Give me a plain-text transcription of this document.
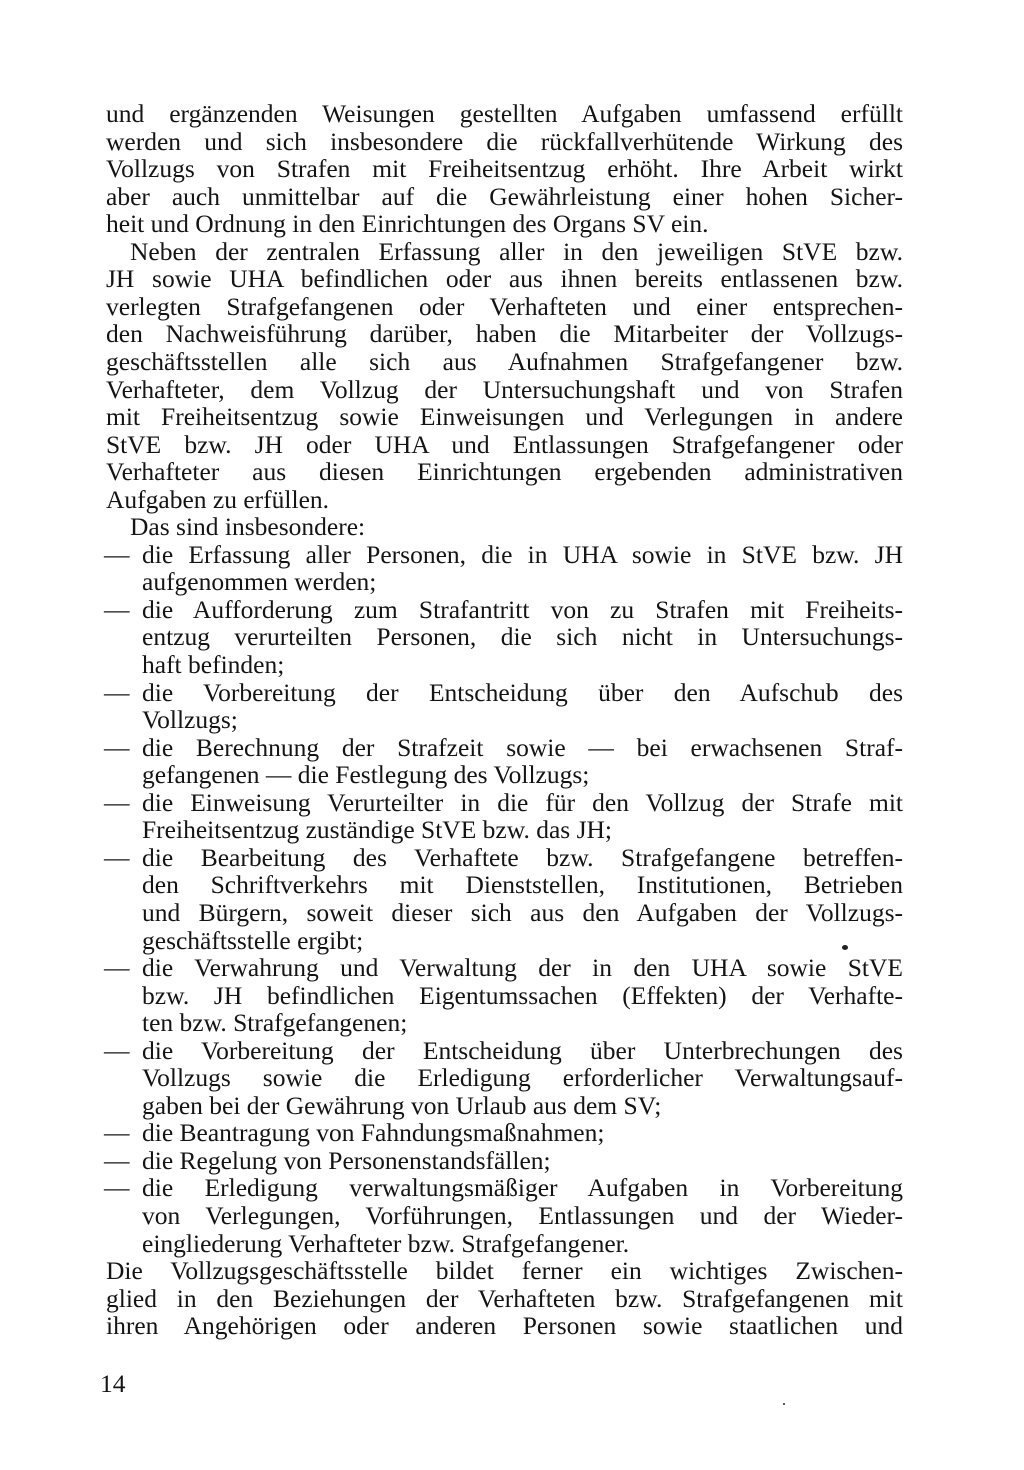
14
und ergänzenden Weisungen gestellten Aufgaben umfassend erfüllt
werden und sich insbesondere die rückfallverhütende Wirkung des
Vollzugs von Strafen mit Freiheitsentzug erhöht. Ihre Arbeit wirkt
aber auch unmittelbar auf die Gewährleistung einer hohen Sicher-
heit und Ordnung in den Einrichtungen des Organs SV ein.
Neben der zentralen Erfassung aller in den jeweiligen StVE bzw.
JH sowie UHA befindlichen oder aus ihnen bereits entlassenen bzw.
verlegten Strafgefangenen oder Verhafteten und einer entsprechen-
den Nachweisführung darüber, haben die Mitarbeiter der Vollzugs-
geschäftsstellen alle sich aus Aufnahmen Strafgefangener bzw.
Verhafteter, dem Vollzug der Untersuchungshaft und von Strafen
mit Freiheitsentzug sowie Einweisungen und Verlegungen in andere
StVE bzw. JH oder UHA und Entlassungen Strafgefangener oder
Verhafteter aus diesen Einrichtungen ergebenden administrativen
Aufgaben zu erfüllen.
Das sind insbesondere:
— die Erfassung aller Personen, die in UHA sowie in StVE bzw. JH
aufgenommen werden;
— die Aufforderung zum Strafantritt von zu Strafen mit Freiheits-
entzug verurteilten Personen, die sich nicht in Untersuchungs-
haft befinden;
— die Vorbereitung der Entscheidung über den Aufschub des
Vollzugs;
— die Berechnung der Strafzeit sowie — bei erwachsenen Straf-
gefangenen — die Festlegung des Vollzugs;
— die Einweisung Verurteilter in die für den Vollzug der Strafe mit
Freiheitsentzug zuständige StVE bzw. das JH;
— die Bearbeitung des Verhaftete bzw. Strafgefangene betreffen-
den Schriftverkehrs mit Dienststellen, Institutionen, Betrieben
und Bürgern, soweit dieser sich aus den Aufgaben der Vollzugs-
geschäftsstelle ergibt;
— die Verwahrung und Verwaltung der in den UHA sowie StVE
bzw. JH befindlichen Eigentumssachen (Effekten) der Verhafte-
ten bzw. Strafgefangenen;
— die Vorbereitung der Entscheidung über Unterbrechungen des
Vollzugs sowie die Erledigung erforderlicher Verwaltungsauf-
gaben bei der Gewährung von Urlaub aus dem SV;
— die Beantragung von Fahndungsmaßnahmen;
— die Regelung von Personenstandsfällen;
— die Erledigung verwaltungsmäßiger Aufgaben in Vorbereitung
von Verlegungen, Vorführungen, Entlassungen und der Wieder-
eingliederung Verhafteter bzw. Strafgefangener.
Die Vollzugsgeschäftsstelle bildet ferner ein wichtiges Zwischen-
glied in den Beziehungen der Verhafteten bzw. Strafgefangenen mit
ihren Angehörigen oder anderen Personen sowie staatlichen und
